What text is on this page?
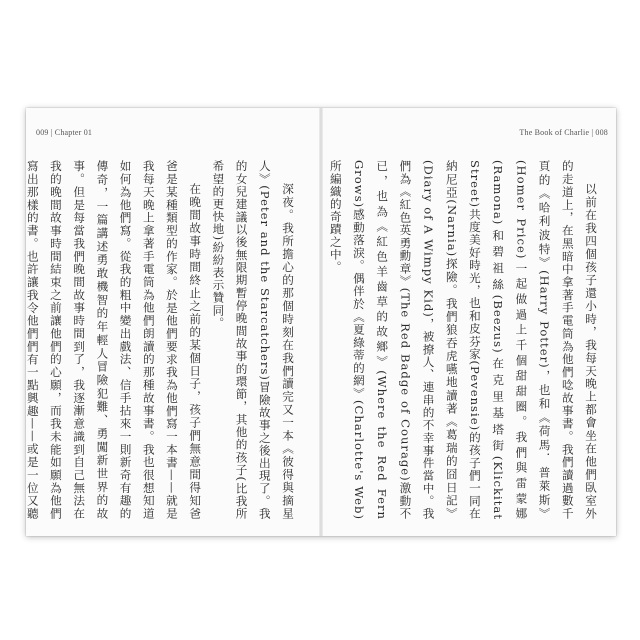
009 | Chapter 01

深夜。我所擔心的那個時刻在我們讀完又一本《彼得與摘星人》(Peter and the Starcatchers)冒險故事之後出現了。我的女兒建議以後無限期暫停晚間故事的環節，其他的孩子(比我所希望的更快地)紛紛表示贊同。

在晚間故事時間終止之前的某個日子，孩子們無意間得知爸爸是某種類型的作家。於是他們要求我為他們寫一本書——就是我每天晚上拿著手電筒為他們朗讀的那種故事書。我也很想知道如何為他們寫。從我的粗中變出戲法、信手拈來一則新奇有趣的傳奇，一篇講述勇敢機智的年輕人冒險犯難、勇闖新世界的故事。但是每當我們晚間故事時間到了，我逐漸意識到自己無法在我的晚間故事時間結束之前讓他們的心願，而我未能如願為他們寫出那樣的書。也許讓我令他們們有一點興趣——或是一位又聽

The Book of Charlie | 008

以前在我四個孩子還小時，我每天晚上都會坐在他們臥室外的走道上，在黑暗中拿著手電筒為他們唸故事書。我們讀過數千頁的《哈利波特》(Harry Potter)，也和《荷馬．普萊斯》(Homer Price)一起做過上千個甜甜圈。我們與雷蒙娜(Ramona)和碧祖絲(Beezus)在克里基塔街(Klickitat Street)共度美好時光，也和皮芬家(Pevensie)的孩子們一同在納尼亞(Narnia)探險。我們狼吞虎嚥地讀著《葛瑞的囧日記》(Diary of A Wimpy Kid)，被撩人、連串的不幸事件當中。我們為《紅色英勇勳章》(The Red Badge of Courage)激動不已，也為《紅色羊齒草的故鄉》(Where the Red Fern Grows)感動落淚。偶伴於《夏綠蒂的網》(Charlotte's Web)所編織的奇蹟之中。
